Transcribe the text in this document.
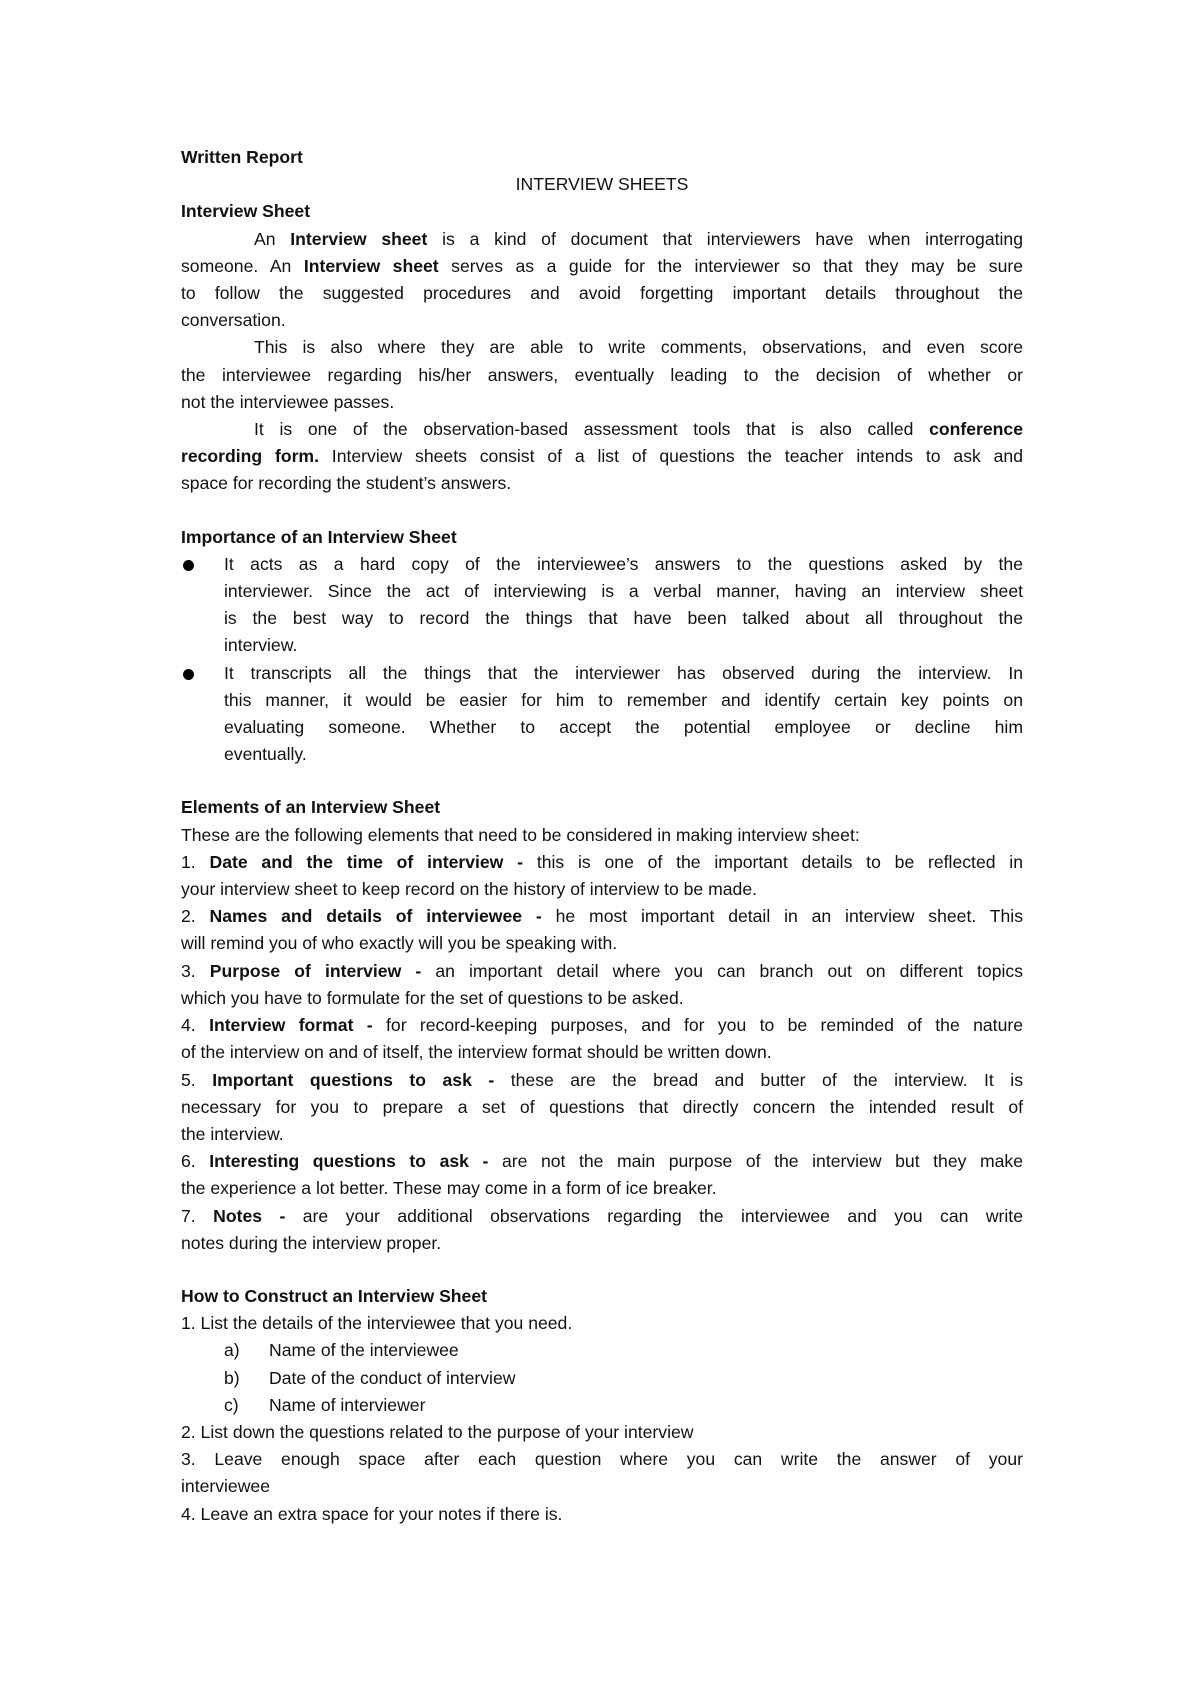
Written Report

INTERVIEW SHEETS

Interview Sheet

An Interview sheet is a kind of document that interviewers have when interrogating

someone. An Interview sheet serves as a guide for the interviewer so that they may be sure

to follow the suggested procedures and avoid forgetting important details throughout the

conversation.

This is also where they are able to write comments, observations, and even score

the interviewee regarding his/her answers, eventually leading to the decision of whether or

not the interviewee passes.

It is one of the observation-based assessment tools that is also called conference

recording form. Interview sheets consist of a list of questions the teacher intends to ask and

space for recording the student’s answers.

Importance of an Interview Sheet

It acts as a hard copy of the interviewee’s answers to the questions asked by the

interviewer. Since the act of interviewing is a verbal manner, having an interview sheet

is the best way to record the things that have been talked about all throughout the

interview.

It transcripts all the things that the interviewer has observed during the interview. In

this manner, it would be easier for him to remember and identify certain key points on

evaluating someone. Whether to accept the potential employee or decline him

eventually.

Elements of an Interview Sheet

These are the following elements that need to be considered in making interview sheet:

1. Date and the time of interview - this is one of the important details to be reflected in

your interview sheet to keep record on the history of interview to be made.

2. Names and details of interviewee - he most important detail in an interview sheet. This

will remind you of who exactly will you be speaking with.

3. Purpose of interview - an important detail where you can branch out on different topics

which you have to formulate for the set of questions to be asked.

4. Interview format - for record-keeping purposes, and for you to be reminded of the nature

of the interview on and of itself, the interview format should be written down.

5. Important questions to ask - these are the bread and butter of the interview. It is

necessary for you to prepare a set of questions that directly concern the intended result of

the interview.

6. Interesting questions to ask - are not the main purpose of the interview but they make

the experience a lot better. These may come in a form of ice breaker.

7. Notes - are your additional observations regarding the interviewee and you can write

notes during the interview proper.

How to Construct an Interview Sheet

1. List the details of the interviewee that you need.

a)	Name of the interviewee
b)	Date of the conduct of interview
c)	Name of interviewer

2. List down the questions related to the purpose of your interview

3. Leave enough space after each question where you can write the answer of your

interviewee

4. Leave an extra space for your notes if there is.
